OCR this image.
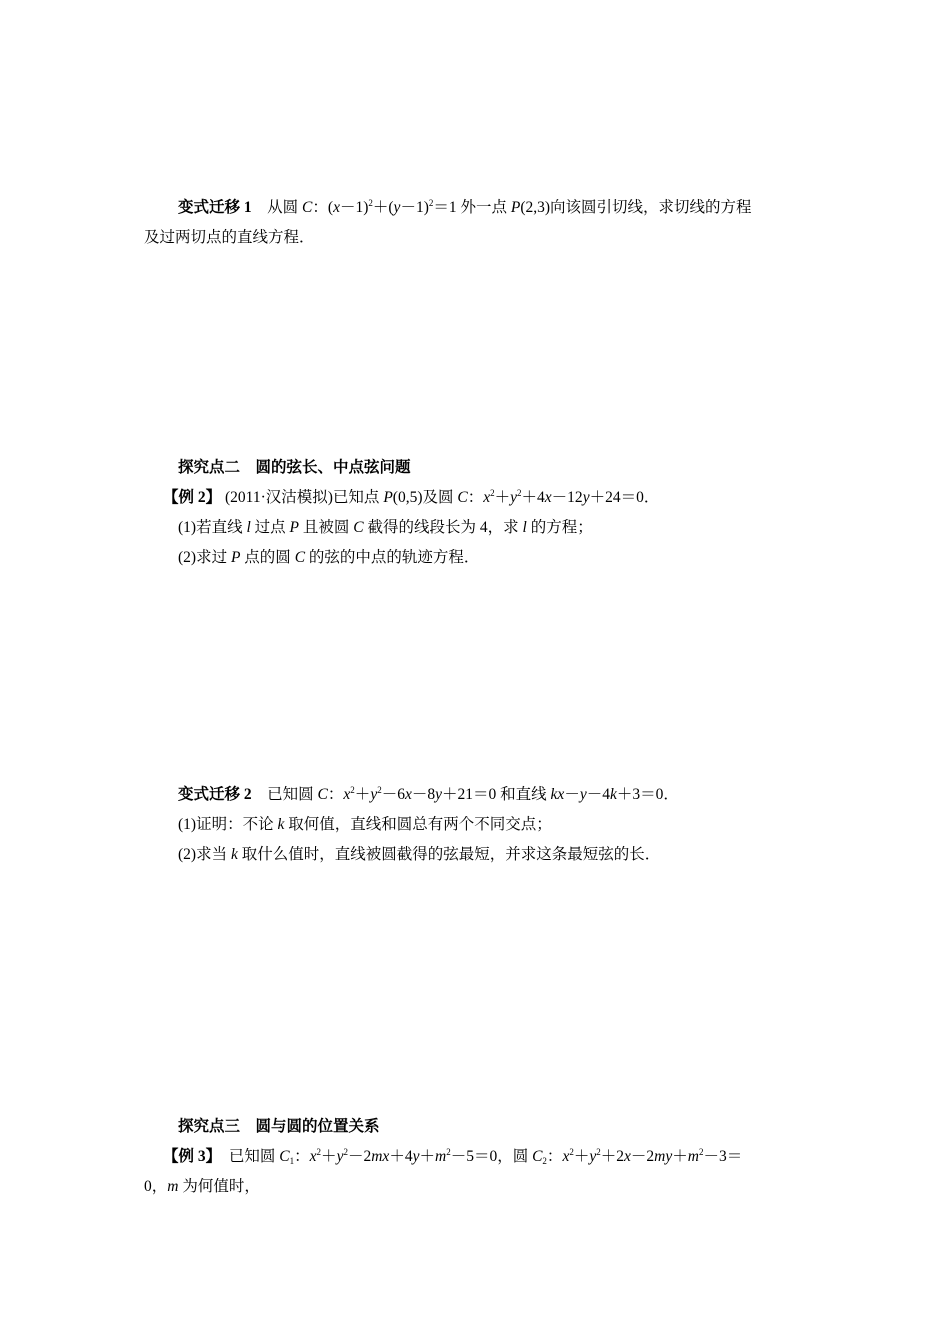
变式迁移 1　 从圆 C：$(x-1)^2+(y-1)^2=1$ 外一点 P(2,3)向该圆引切线，求切线的方程
及过两切点的直线方程．
探究点二　圆的弦长、中点弦问题
【例 2】 (2011·汉沽模拟)已知点 P(0,5)及圆 C：$x^2+y^2+4x-12y+24=0$．
(1)若直线 l 过点 P 且被圆 C 截得的线段长为 4，求 l 的方程；
(2)求过 P 点的圆 C 的弦的中点的轨迹方程．
变式迁移 2　 已知圆 C：$x^2+y^2-6x-8y+21=0$ 和直线 kx－y－4k＋3＝0．
(1)证明：不论 k 取何值，直线和圆总有两个不同交点；
(2)求当 k 取什么值时，直线被圆截得的弦最短，并求这条最短弦的长．
探究点三　圆与圆的位置关系
【例 3】　 已知圆 $C_1$：$x^2+y^2-2mx+4y+m^2-5=0$，圆 $C_2$：$x^2+y^2+2x-2my+m^2-3=$
0，m 为何值时，
